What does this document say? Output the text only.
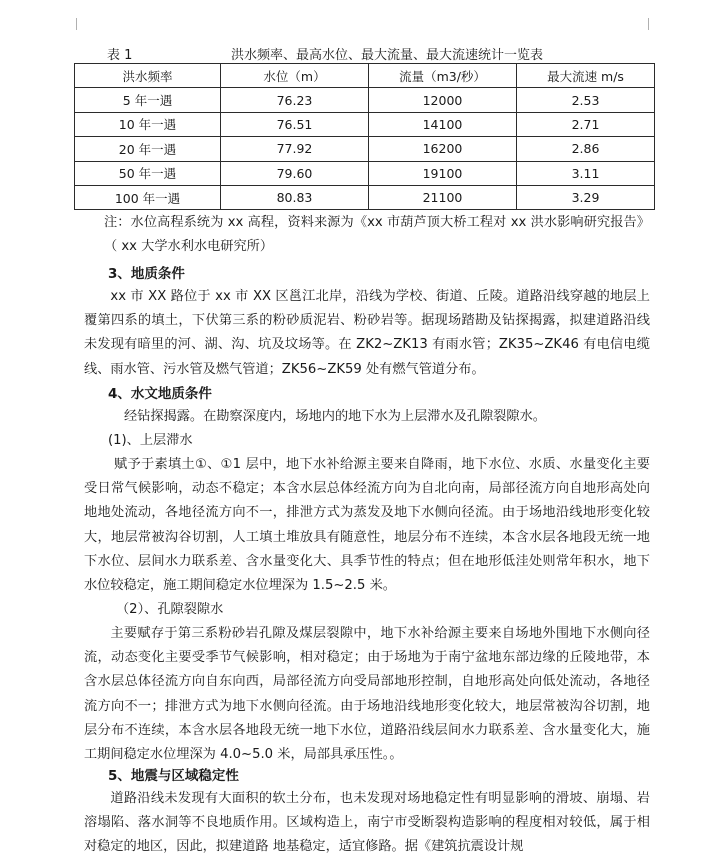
表 1	洪水频率、最高水位、最大流量、最大流速统计一览表
洪水频率	水位（m）	流量（m3/秒）	最大流速 m/s
5 年一遇	76.23	12000	2.53
10 年一遇	76.51	14100	2.71
20 年一遇	77.92	16200	2.86
50 年一遇	79.60	19100	3.11
100 年一遇	80.83	21100	3.29
注：水位高程系统为 xx 高程，资料来源为《xx 市葫芦顶大桥工程对 xx 洪水影响研究报告》（ xx 大学水利水电研究所）
3、地质条件
xx 市 XX 路位于 xx 市 XX 区邕江北岸，沿线为学校、街道、丘陵。道路沿线穿越的地层上覆第四系的填土，下伏第三系的粉砂质泥岩、粉砂岩等。据现场踏勘及钻探揭露，拟建道路沿线未发现有暗里的河、湖、沟、坑及坟场等。在 ZK2~ZK13 有雨水管；ZK35~ZK46 有电信电缆线、雨水管、污水管及燃气管道；ZK56~ZK59 处有燃气管道分布。
4、水文地质条件
经钻探揭露。在勘察深度内，场地内的地下水为上层滞水及孔隙裂隙水。
(1)、上层滞水
赋予于素填土①、①1 层中，地下水补给源主要来自降雨，地下水位、水质、水量变化主要受日常气候影响，动态不稳定；本含水层总体经流方向为自北向南，局部径流方向自地形高处向地地处流动，各地径流方向不一，排泄方式为蒸发及地下水侧向径流。由于场地沿线地形变化较大，地层常被沟谷切割，人工填土堆放具有随意性，地层分布不连续，本含水层各地段无统一地下水位、层间水力联系差、含水量变化大、具季节性的特点；但在地形低洼处则常年积水，地下水位较稳定，施工期间稳定水位埋深为 1.5~2.5 米。
（2）、孔隙裂隙水
主要赋存于第三系粉砂岩孔隙及煤层裂隙中，地下水补给源主要来自场地外围地下水侧向径流，动态变化主要受季节气候影响，相对稳定；由于场地为于南宁盆地东部边缘的丘陵地带，本含水层总体径流方向自东向西，局部径流方向受局部地形控制，自地形高处向低处流动，各地径流方向不一；排泄方式为地下水侧向径流。由于场地沿线地形变化较大，地层常被沟谷切割，地层分布不连续，本含水层各地段无统一地下水位，道路沿线层间水力联系差、含水量变化大，施工期间稳定水位埋深为 4.0~5.0 米，局部具承压性。。
5、地震与区域稳定性
道路沿线未发现有大面积的软土分布，也未发现对场地稳定性有明显影响的滑坡、崩塌、岩溶塌陷、落水洞等不良地质作用。区域构造上，南宁市受断裂构造影响的程度相对较低，属于相对稳定的地区，因此，拟建道路 地基稳定，适宜修路。据《建筑抗震设计规
